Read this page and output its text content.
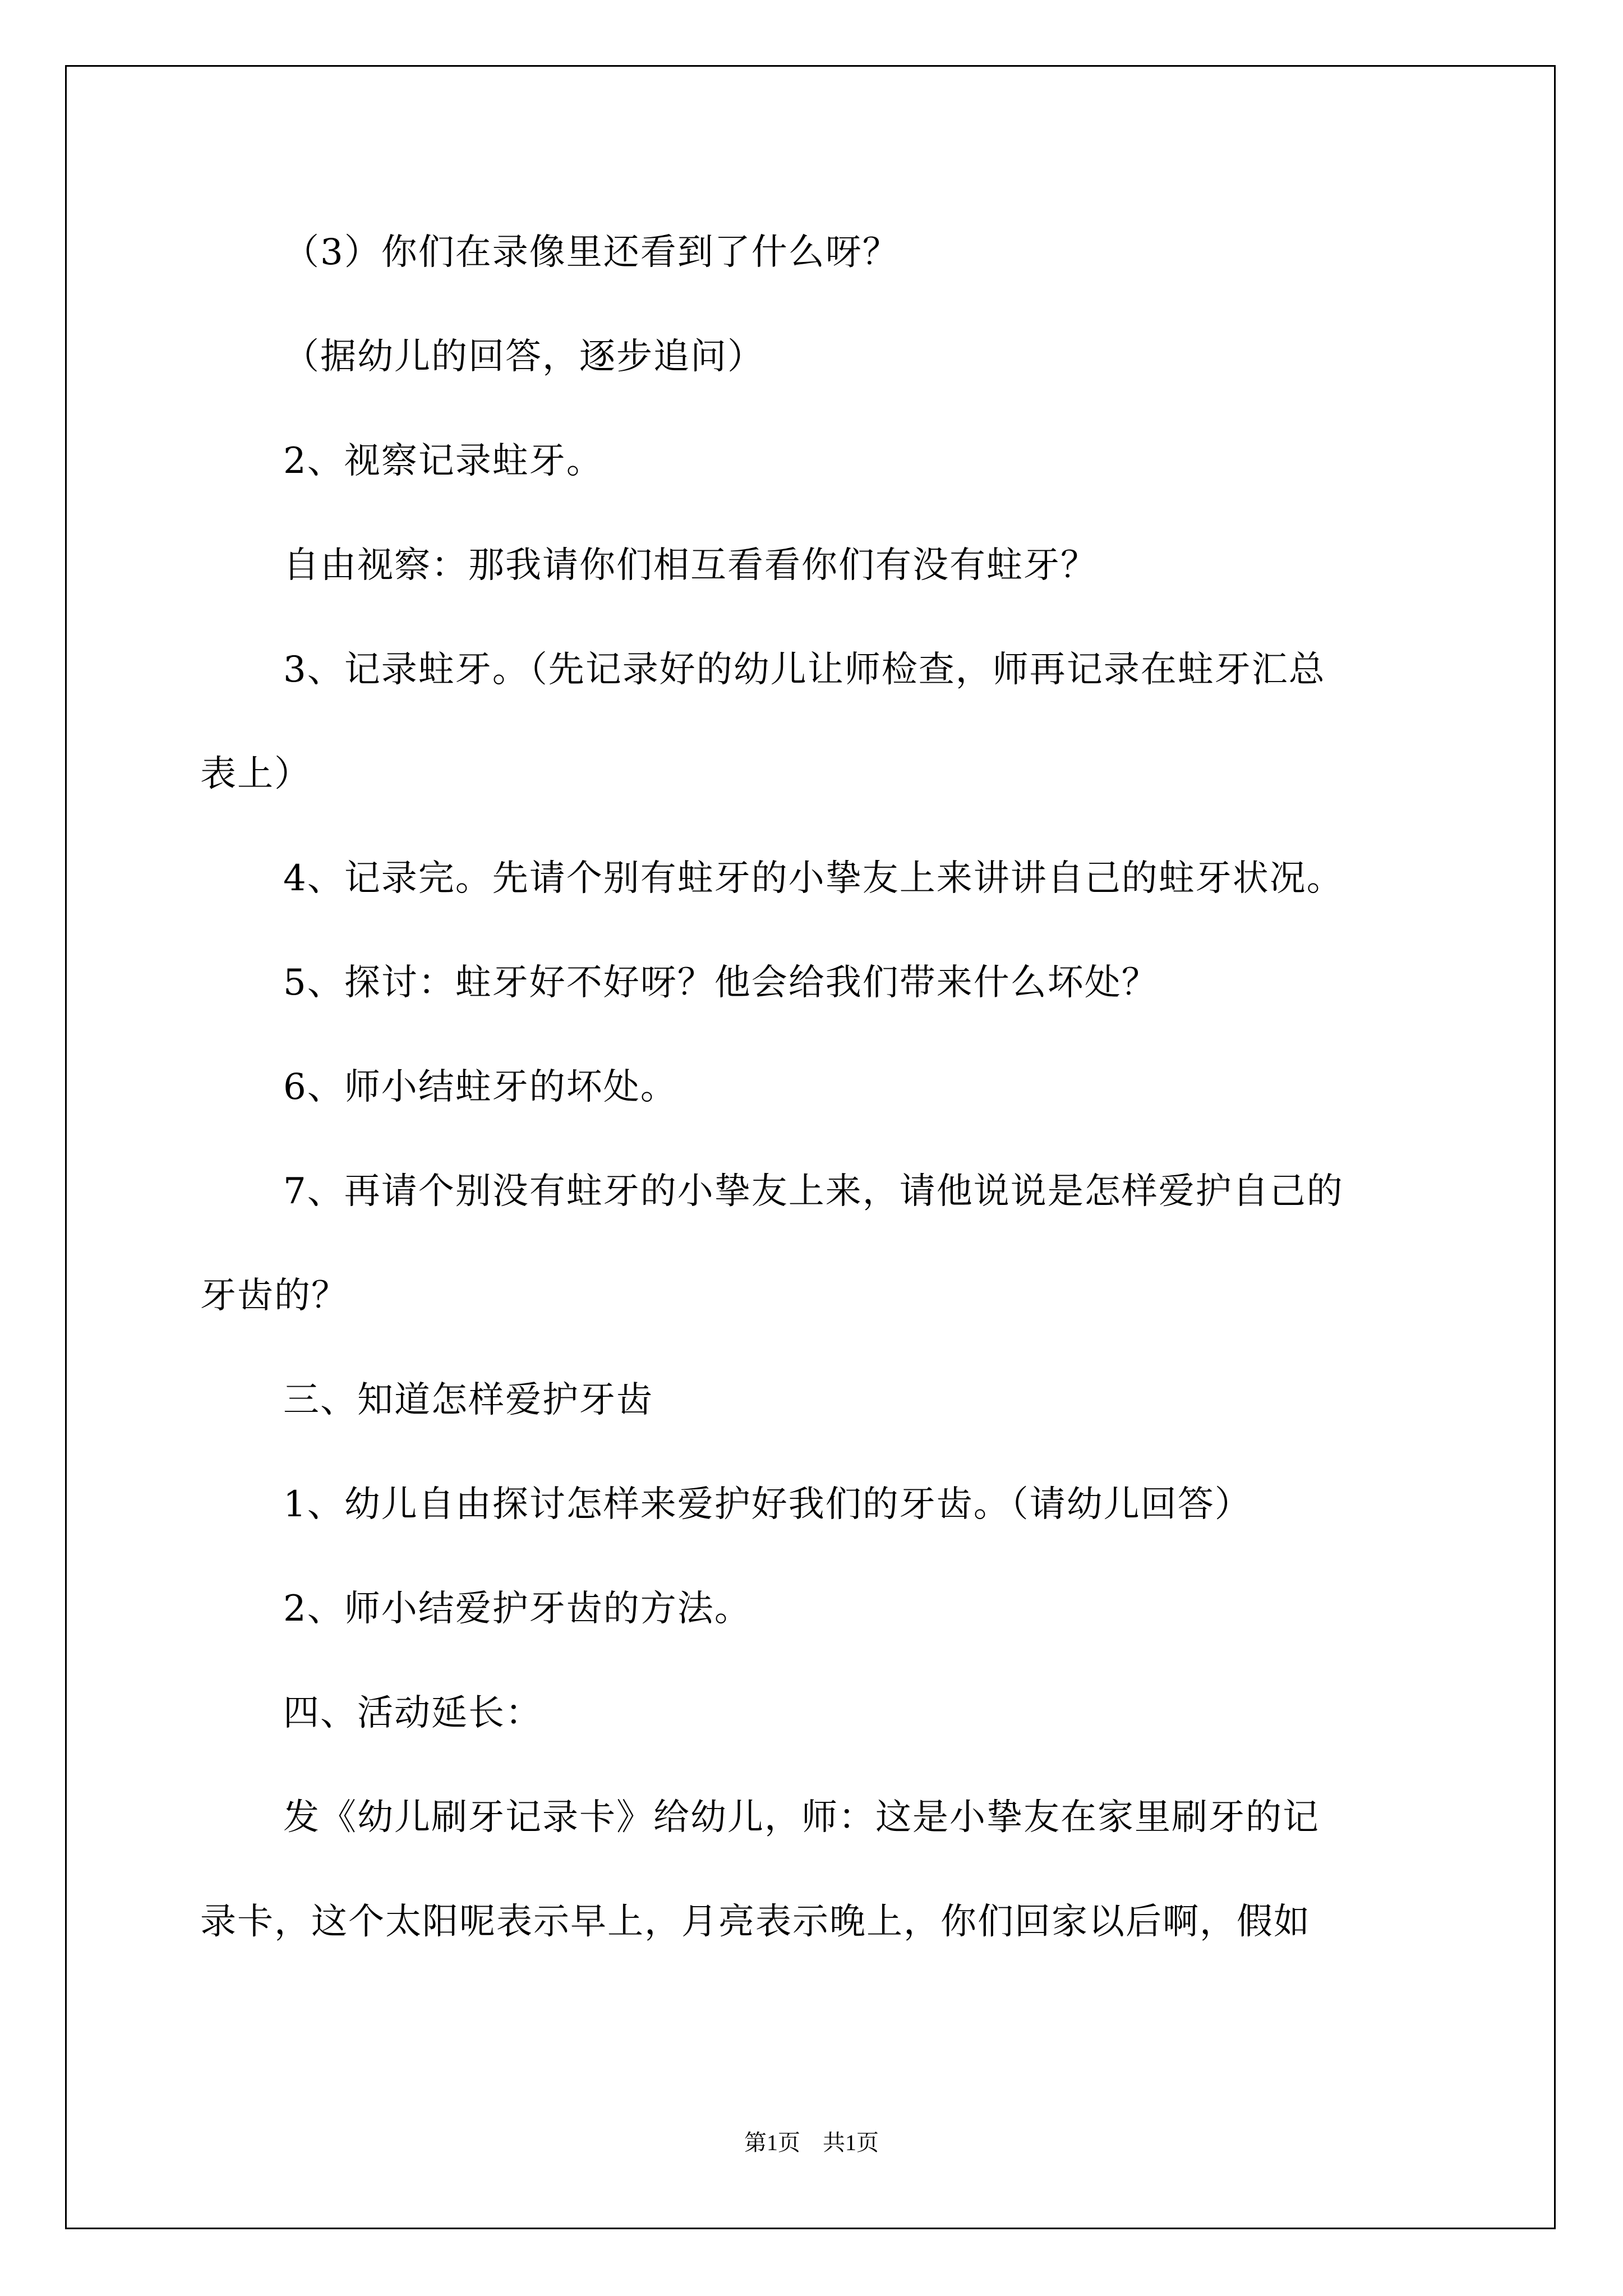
（3）你们在录像里还看到了什么呀？
（据幼儿的回答，逐步追问）
2、视察记录蛀牙。
自由视察：那我请你们相互看看你们有没有蛀牙？
3、记录蛀牙。（先记录好的幼儿让师检查，师再记录在蛀牙汇总
表上）
4、记录完。先请个别有蛀牙的小挚友上来讲讲自己的蛀牙状况。
5、探讨：蛀牙好不好呀？他会给我们带来什么坏处？
6、师小结蛀牙的坏处。
7、再请个别没有蛀牙的小挚友上来，请他说说是怎样爱护自己的
牙齿的？
三、知道怎样爱护牙齿
1、幼儿自由探讨怎样来爱护好我们的牙齿。（请幼儿回答）
2、师小结爱护牙齿的方法。
四、活动延长：
发《幼儿刷牙记录卡》给幼儿，师：这是小挚友在家里刷牙的记
录卡，这个太阳呢表示早上，月亮表示晚上，你们回家以后啊，假如
第1页　共1页
